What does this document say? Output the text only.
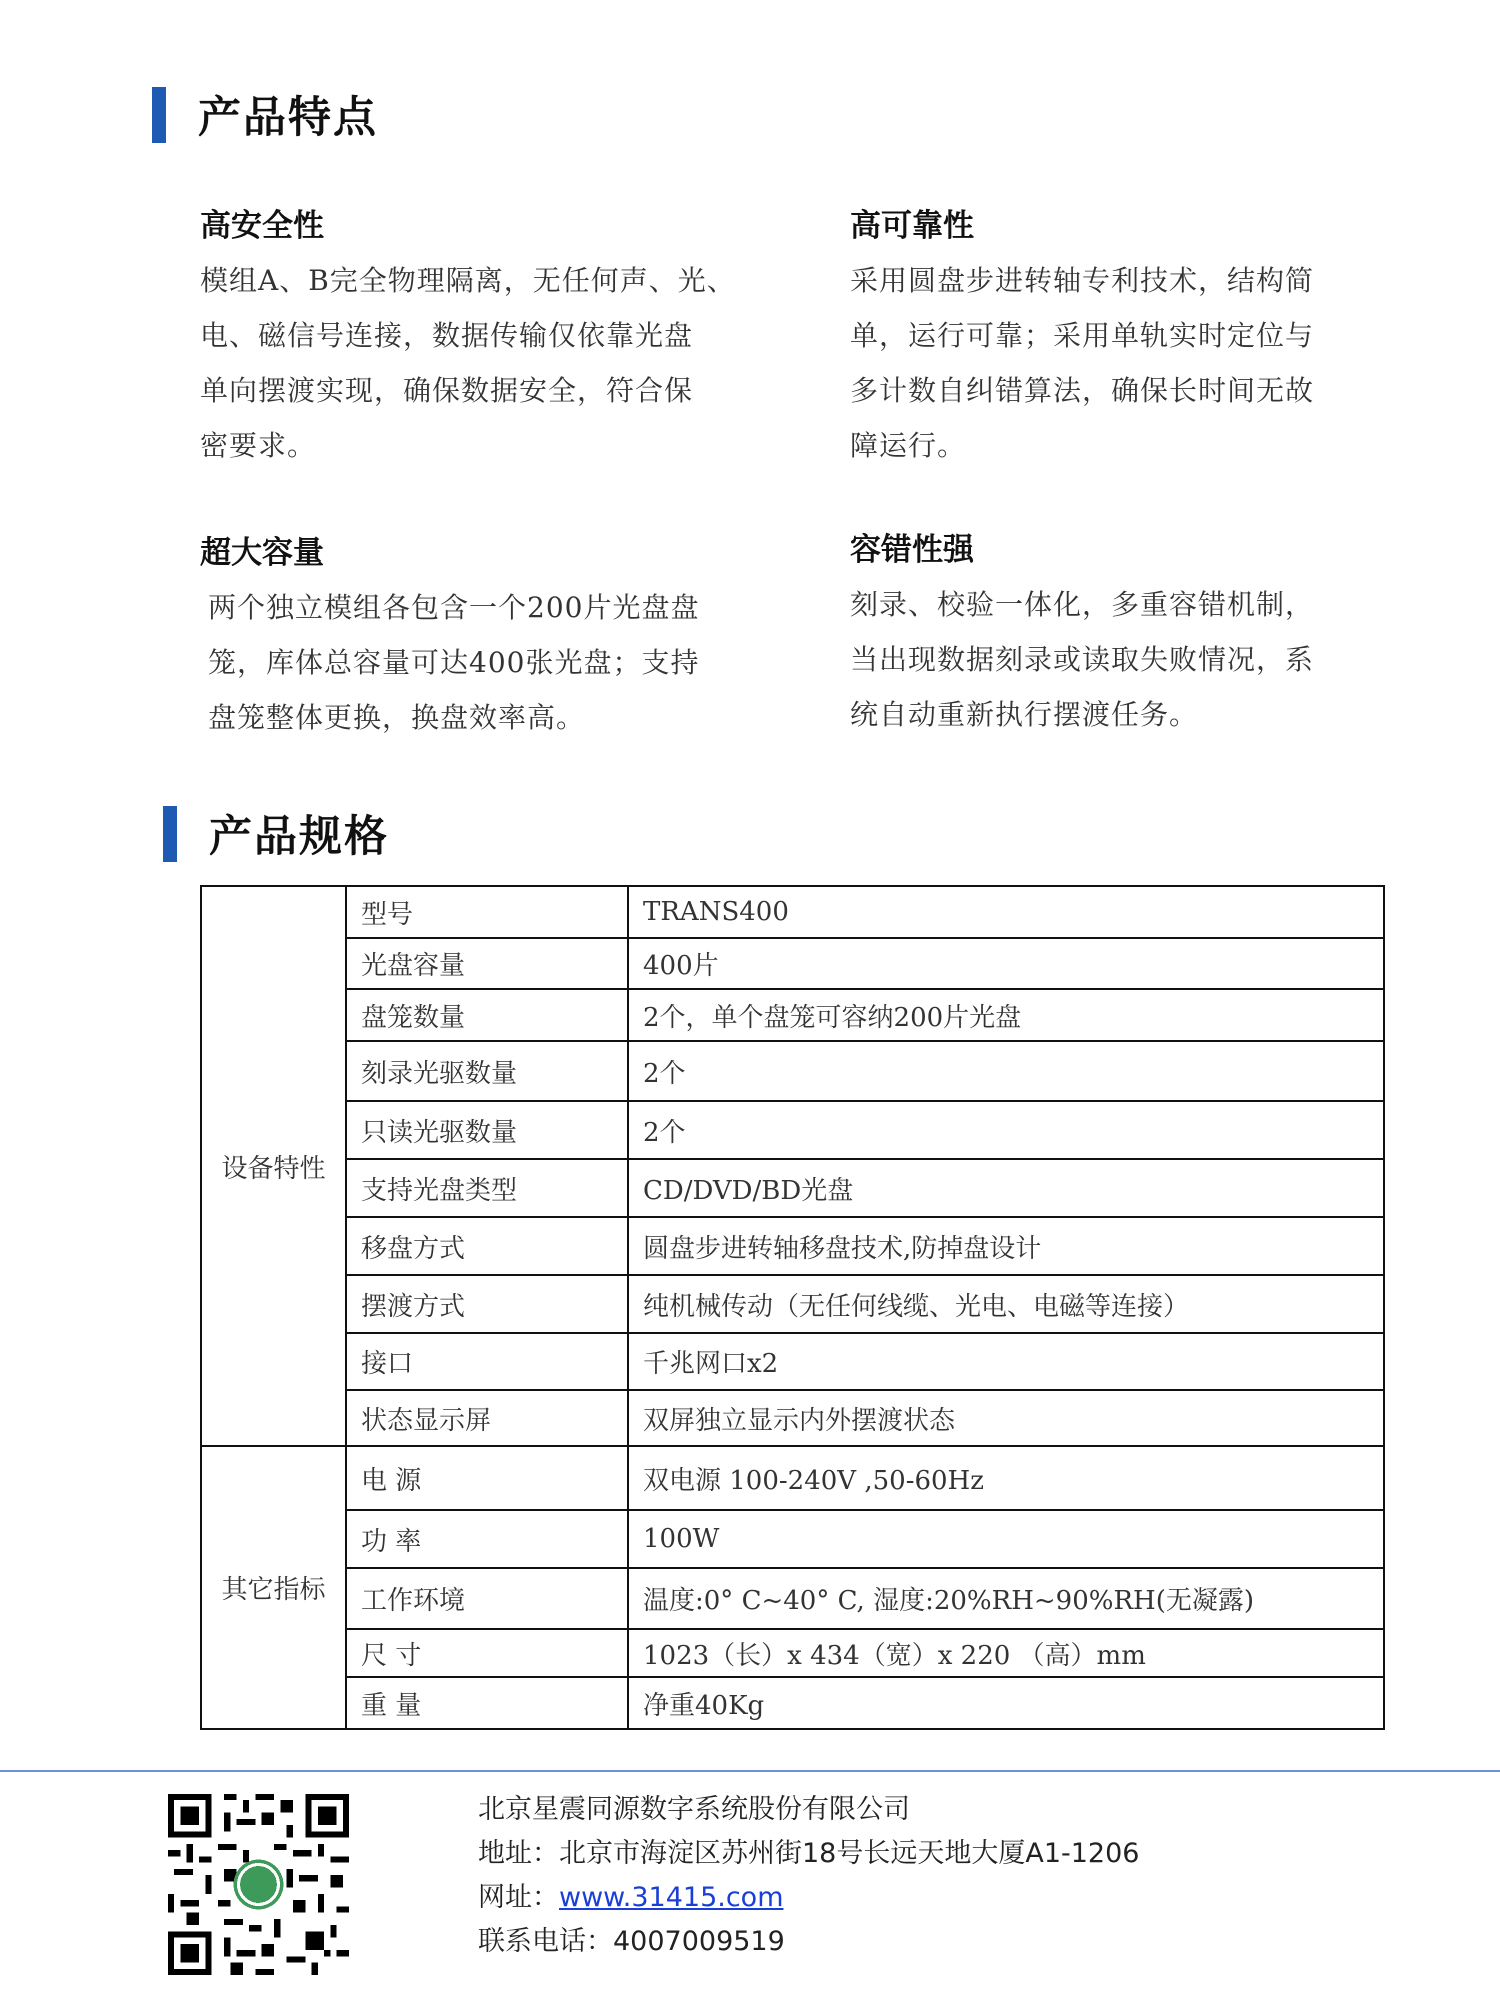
产品特点
高安全性

模组A、B完全物理隔离，无任何声、光、
电、磁信号连接，数据传输仅依靠光盘
单向摆渡实现，确保数据安全，符合保
密要求。

高可靠性

采用圆盘步进转轴专利技术，结构简
单，运行可靠；采用单轨实时定位与
多计数自纠错算法，确保长时间无故
障运行。

超大容量

两个独立模组各包含一个200片光盘盘
笼，库体总容量可达400张光盘；支持
盘笼整体更换，换盘效率高。

容错性强

刻录、校验一体化，多重容错机制，
当出现数据刻录或读取失败情况，系
统自动重新执行摆渡任务。

产品规格
设备特性	型号	TRANS400
	光盘容量	400片
	盘笼数量	2个，单个盘笼可容纳200片光盘
	刻录光驱数量	2个
	只读光驱数量	2个
	支持光盘类型	CD/DVD/BD光盘
	移盘方式	圆盘步进转轴移盘技术,防掉盘设计
	摆渡方式	纯机械传动（无任何线缆、光电、电磁等连接）
	接口	千兆网口x2
	状态显示屏	双屏独立显示内外摆渡状态
其它指标	电 源	双电源 100-240V ,50-60Hz
	功 率	100W
	工作环境	温度:0° C~40° C, 湿度:20%RH~90%RH(无凝露)
	尺 寸	1023（长）x 434（宽）x 220 （高）mm
	重 量	净重40Kg
北京星震同源数字系统股份有限公司
地址：北京市海淀区苏州街18号长远天地大厦A1-1206
网址：www.31415.com
联系电话：4007009519
